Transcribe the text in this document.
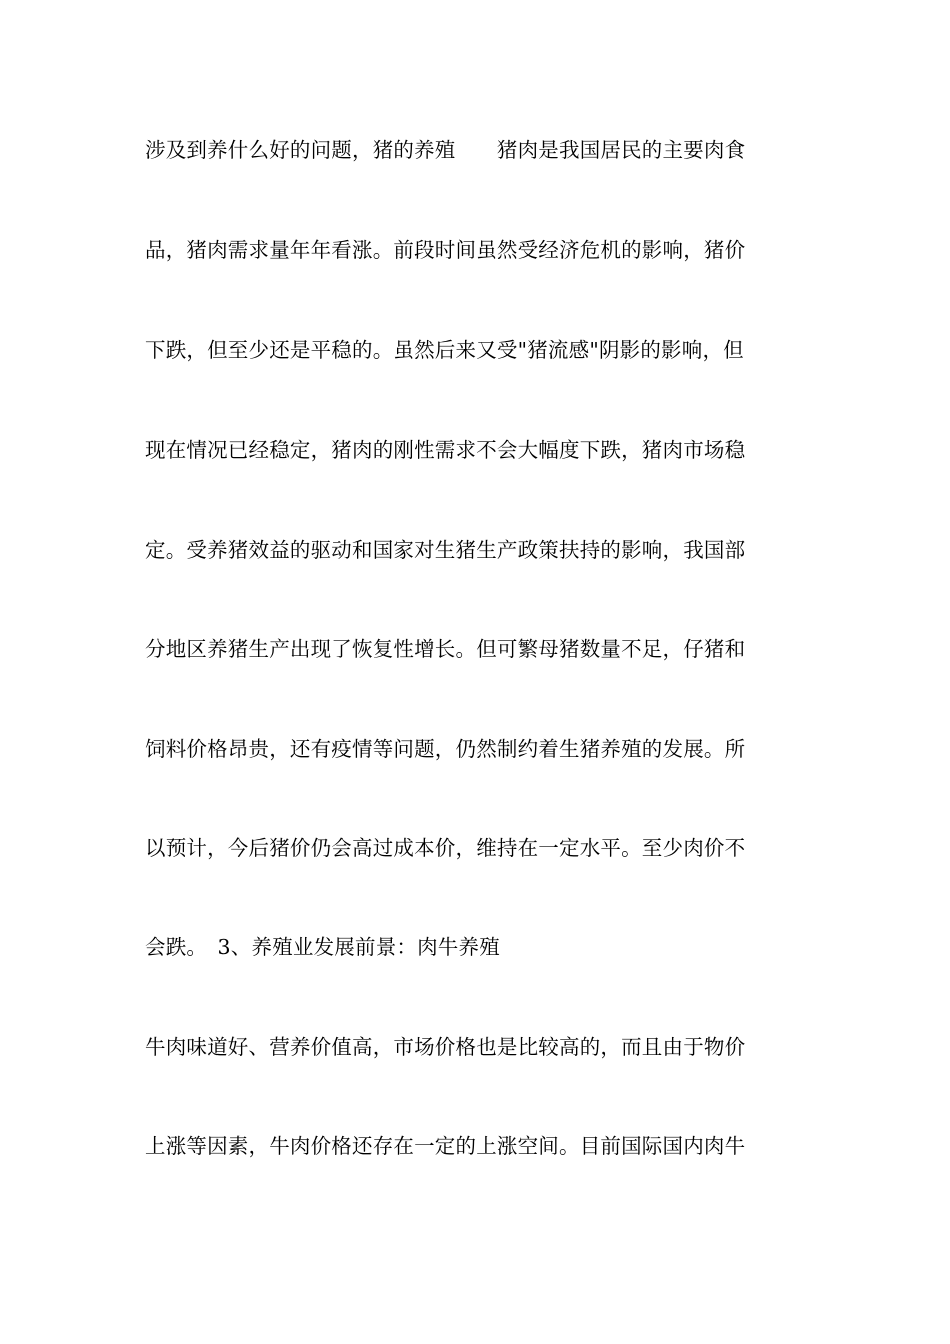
涉及到养什么好的问题，猪的养殖　　猪肉是我国居民的主要肉食
品，猪肉需求量年年看涨。前段时间虽然受经济危机的影响，猪价
下跌，但至少还是平稳的。虽然后来又受"猪流感"阴影的影响，但
现在情况已经稳定，猪肉的刚性需求不会大幅度下跌，猪肉市场稳
定。受养猪效益的驱动和国家对生猪生产政策扶持的影响，我国部
分地区养猪生产出现了恢复性增长。但可繁母猪数量不足，仔猪和
饲料价格昂贵，还有疫情等问题，仍然制约着生猪养殖的发展。所
以预计，今后猪价仍会高过成本价，维持在一定水平。至少肉价不
会跌。　3、养殖业发展前景：肉牛养殖
牛肉味道好、营养价值高，市场价格也是比较高的，而且由于物价
上涨等因素，牛肉价格还存在一定的上涨空间。目前国际国内肉牛
